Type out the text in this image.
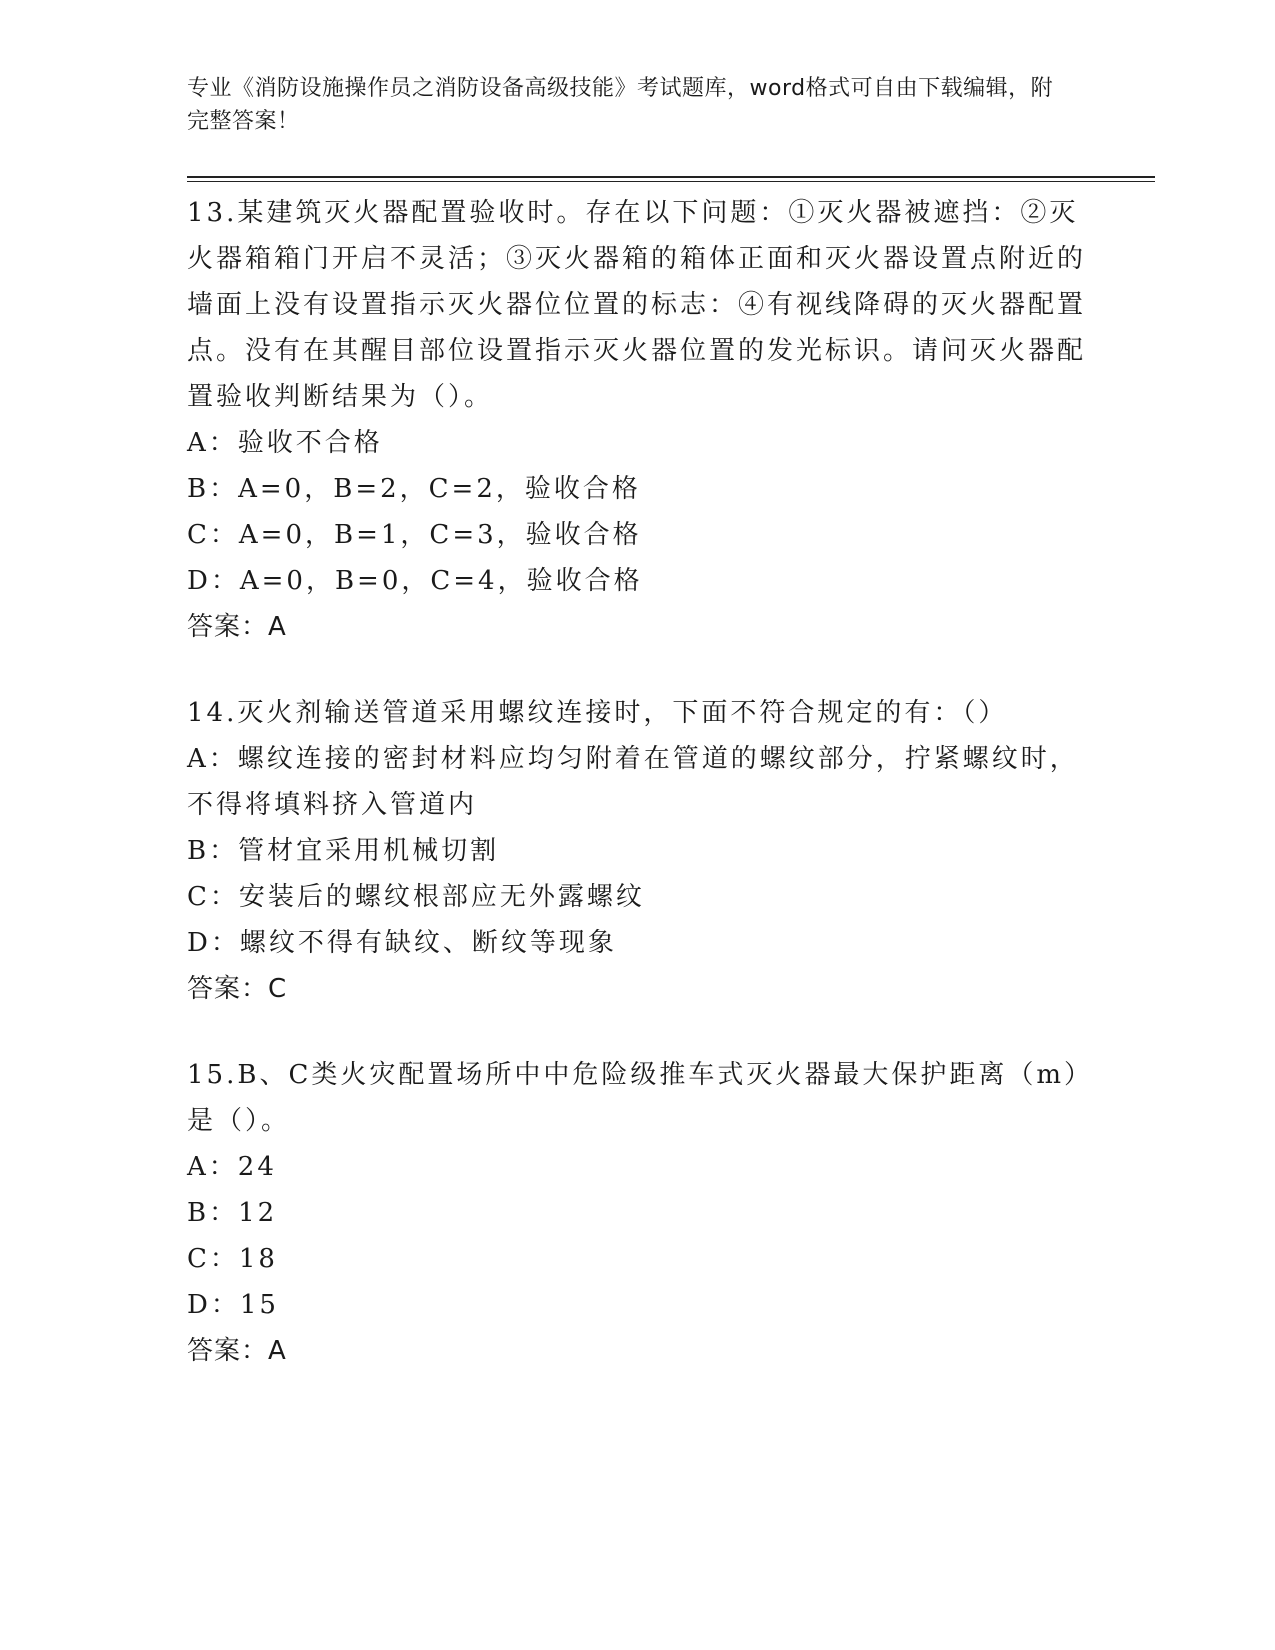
专业《消防设施操作员之消防设备高级技能》考试题库，word格式可自由下载编辑，附完整答案！

13.某建筑灭火器配置验收时。存在以下问题：①灭火器被遮挡：②灭火器箱箱门开启不灵活；③灭火器箱的箱体正面和灭火器设置点附近的墙面上没有设置指示灭火器位位置的标志：④有视线降碍的灭火器配置点。没有在其醒目部位设置指示灭火器位置的发光标识。请问灭火器配置验收判断结果为（）。

A：验收不合格

B：A=0，B=2，C=2，验收合格

C：A=0，B=1，C=3，验收合格

D：A=0，B=0，C=4，验收合格

答案：A

14.灭火剂输送管道采用螺纹连接时，下面不符合规定的有：（）

A：螺纹连接的密封材料应均匀附着在管道的螺纹部分，拧紧螺纹时，不得将填料挤入管道内

B：管材宜采用机械切割

C：安装后的螺纹根部应无外露螺纹

D：螺纹不得有缺纹、断纹等现象

答案：C

15.B、C类火灾配置场所中中危险级推车式灭火器最大保护距离（m）是（）。

A：24

B：12

C：18

D：15

答案：A
